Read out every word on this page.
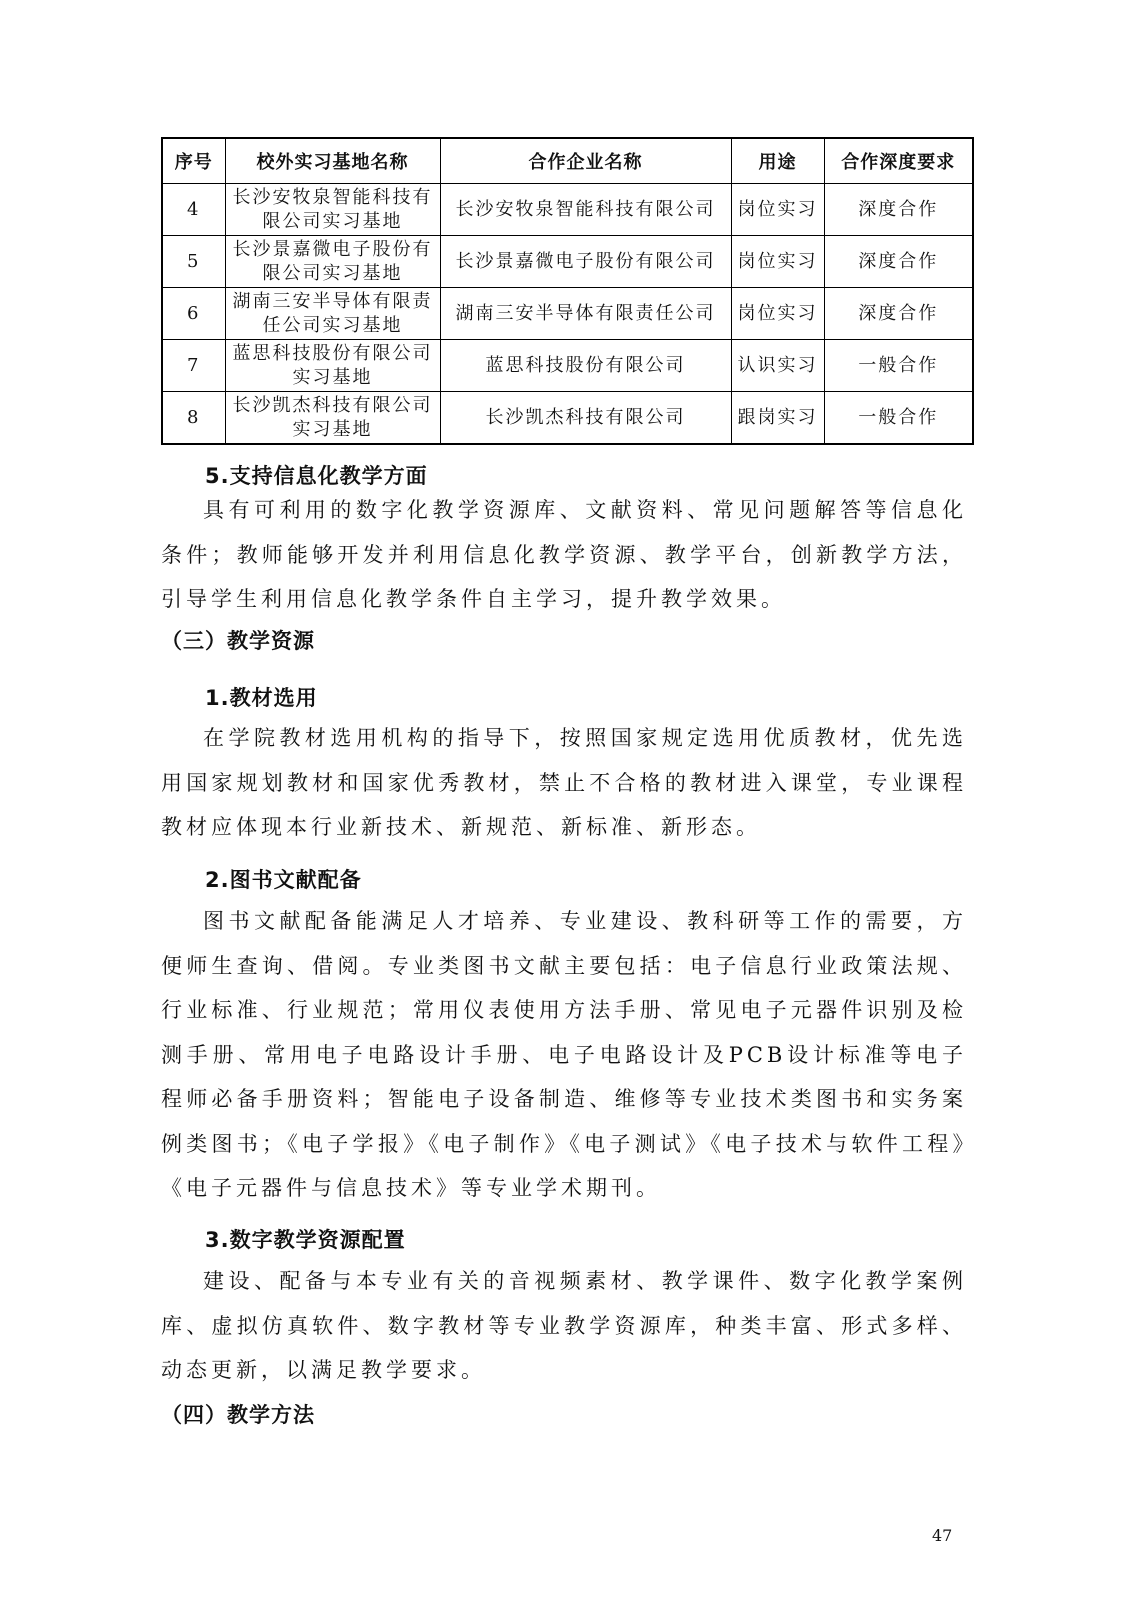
序号	校外实习基地名称	合作企业名称	用途	合作深度要求
4	长沙安牧泉智能科技有限公司实习基地	长沙安牧泉智能科技有限公司	岗位实习	深度合作
5	长沙景嘉微电子股份有限公司实习基地	长沙景嘉微电子股份有限公司	岗位实习	深度合作
6	湖南三安半导体有限责任公司实习基地	湖南三安半导体有限责任公司	岗位实习	深度合作
7	蓝思科技股份有限公司实习基地	蓝思科技股份有限公司	认识实习	一般合作
8	长沙凯杰科技有限公司实习基地	长沙凯杰科技有限公司	跟岗实习	一般合作
5.支持信息化教学方面

具有可利用的数字化教学资源库、文献资料、常见问题解答等信息化条件；教师能够开发并利用信息化教学资源、教学平台，创新教学方法，引导学生利用信息化教学条件自主学习，提升教学效果。

（三）教学资源
1.教材选用

在学院教材选用机构的指导下，按照国家规定选用优质教材，优先选用国家规划教材和国家优秀教材，禁止不合格的教材进入课堂，专业课程教材应体现本行业新技术、新规范、新标准、新形态。

2.图书文献配备

图书文献配备能满足人才培养、专业建设、教科研等工作的需要，方便师生查询、借阅。专业类图书文献主要包括：电子信息行业政策法规、行业标准、行业规范；常用仪表使用方法手册、常见电子元器件识别及检测手册、常用电子电路设计手册、电子电路设计及PCB设计标准等电子程师必备手册资料；智能电子设备制造、维修等专业技术类图书和实务案例类图书；《电子学报》《电子制作》《电子测试》《电子技术与软件工程》《电子元器件与信息技术》等专业学术期刊。

3.数字教学资源配置

建设、配备与本专业有关的音视频素材、教学课件、数字化教学案例库、虚拟仿真软件、数字教材等专业教学资源库，种类丰富、形式多样、动态更新，以满足教学要求。

（四）教学方法
47
